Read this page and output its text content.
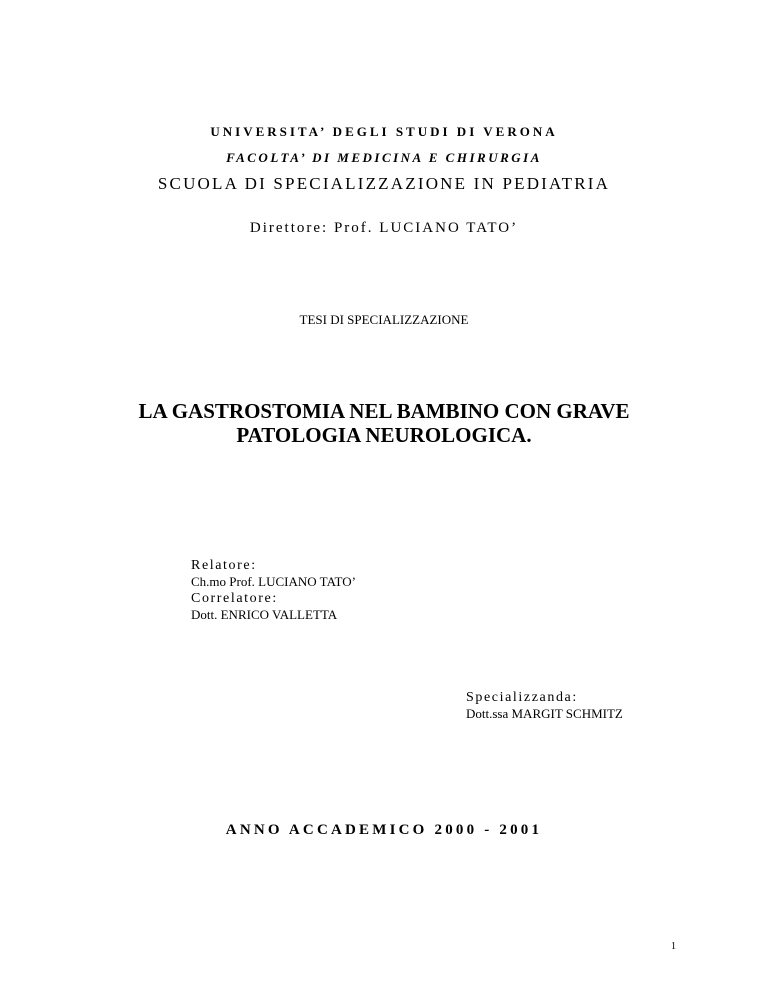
UNIVERSITA’ DEGLI STUDI DI VERONA
FACOLTA’ DI MEDICINA E CHIRURGIA
SCUOLA DI SPECIALIZZAZIONE IN PEDIATRIA
Direttore: Prof. LUCIANO TATO’
TESI DI SPECIALIZZAZIONE
LA GASTROSTOMIA NEL BAMBINO CON GRAVE
PATOLOGIA NEUROLOGICA.
Relatore:
Ch.mo Prof. LUCIANO TATO’
Correlatore:
Dott. ENRICO VALLETTA
Specializzanda:
Dott.ssa MARGIT SCHMITZ
ANNO ACCADEMICO 2000 - 2001
1
